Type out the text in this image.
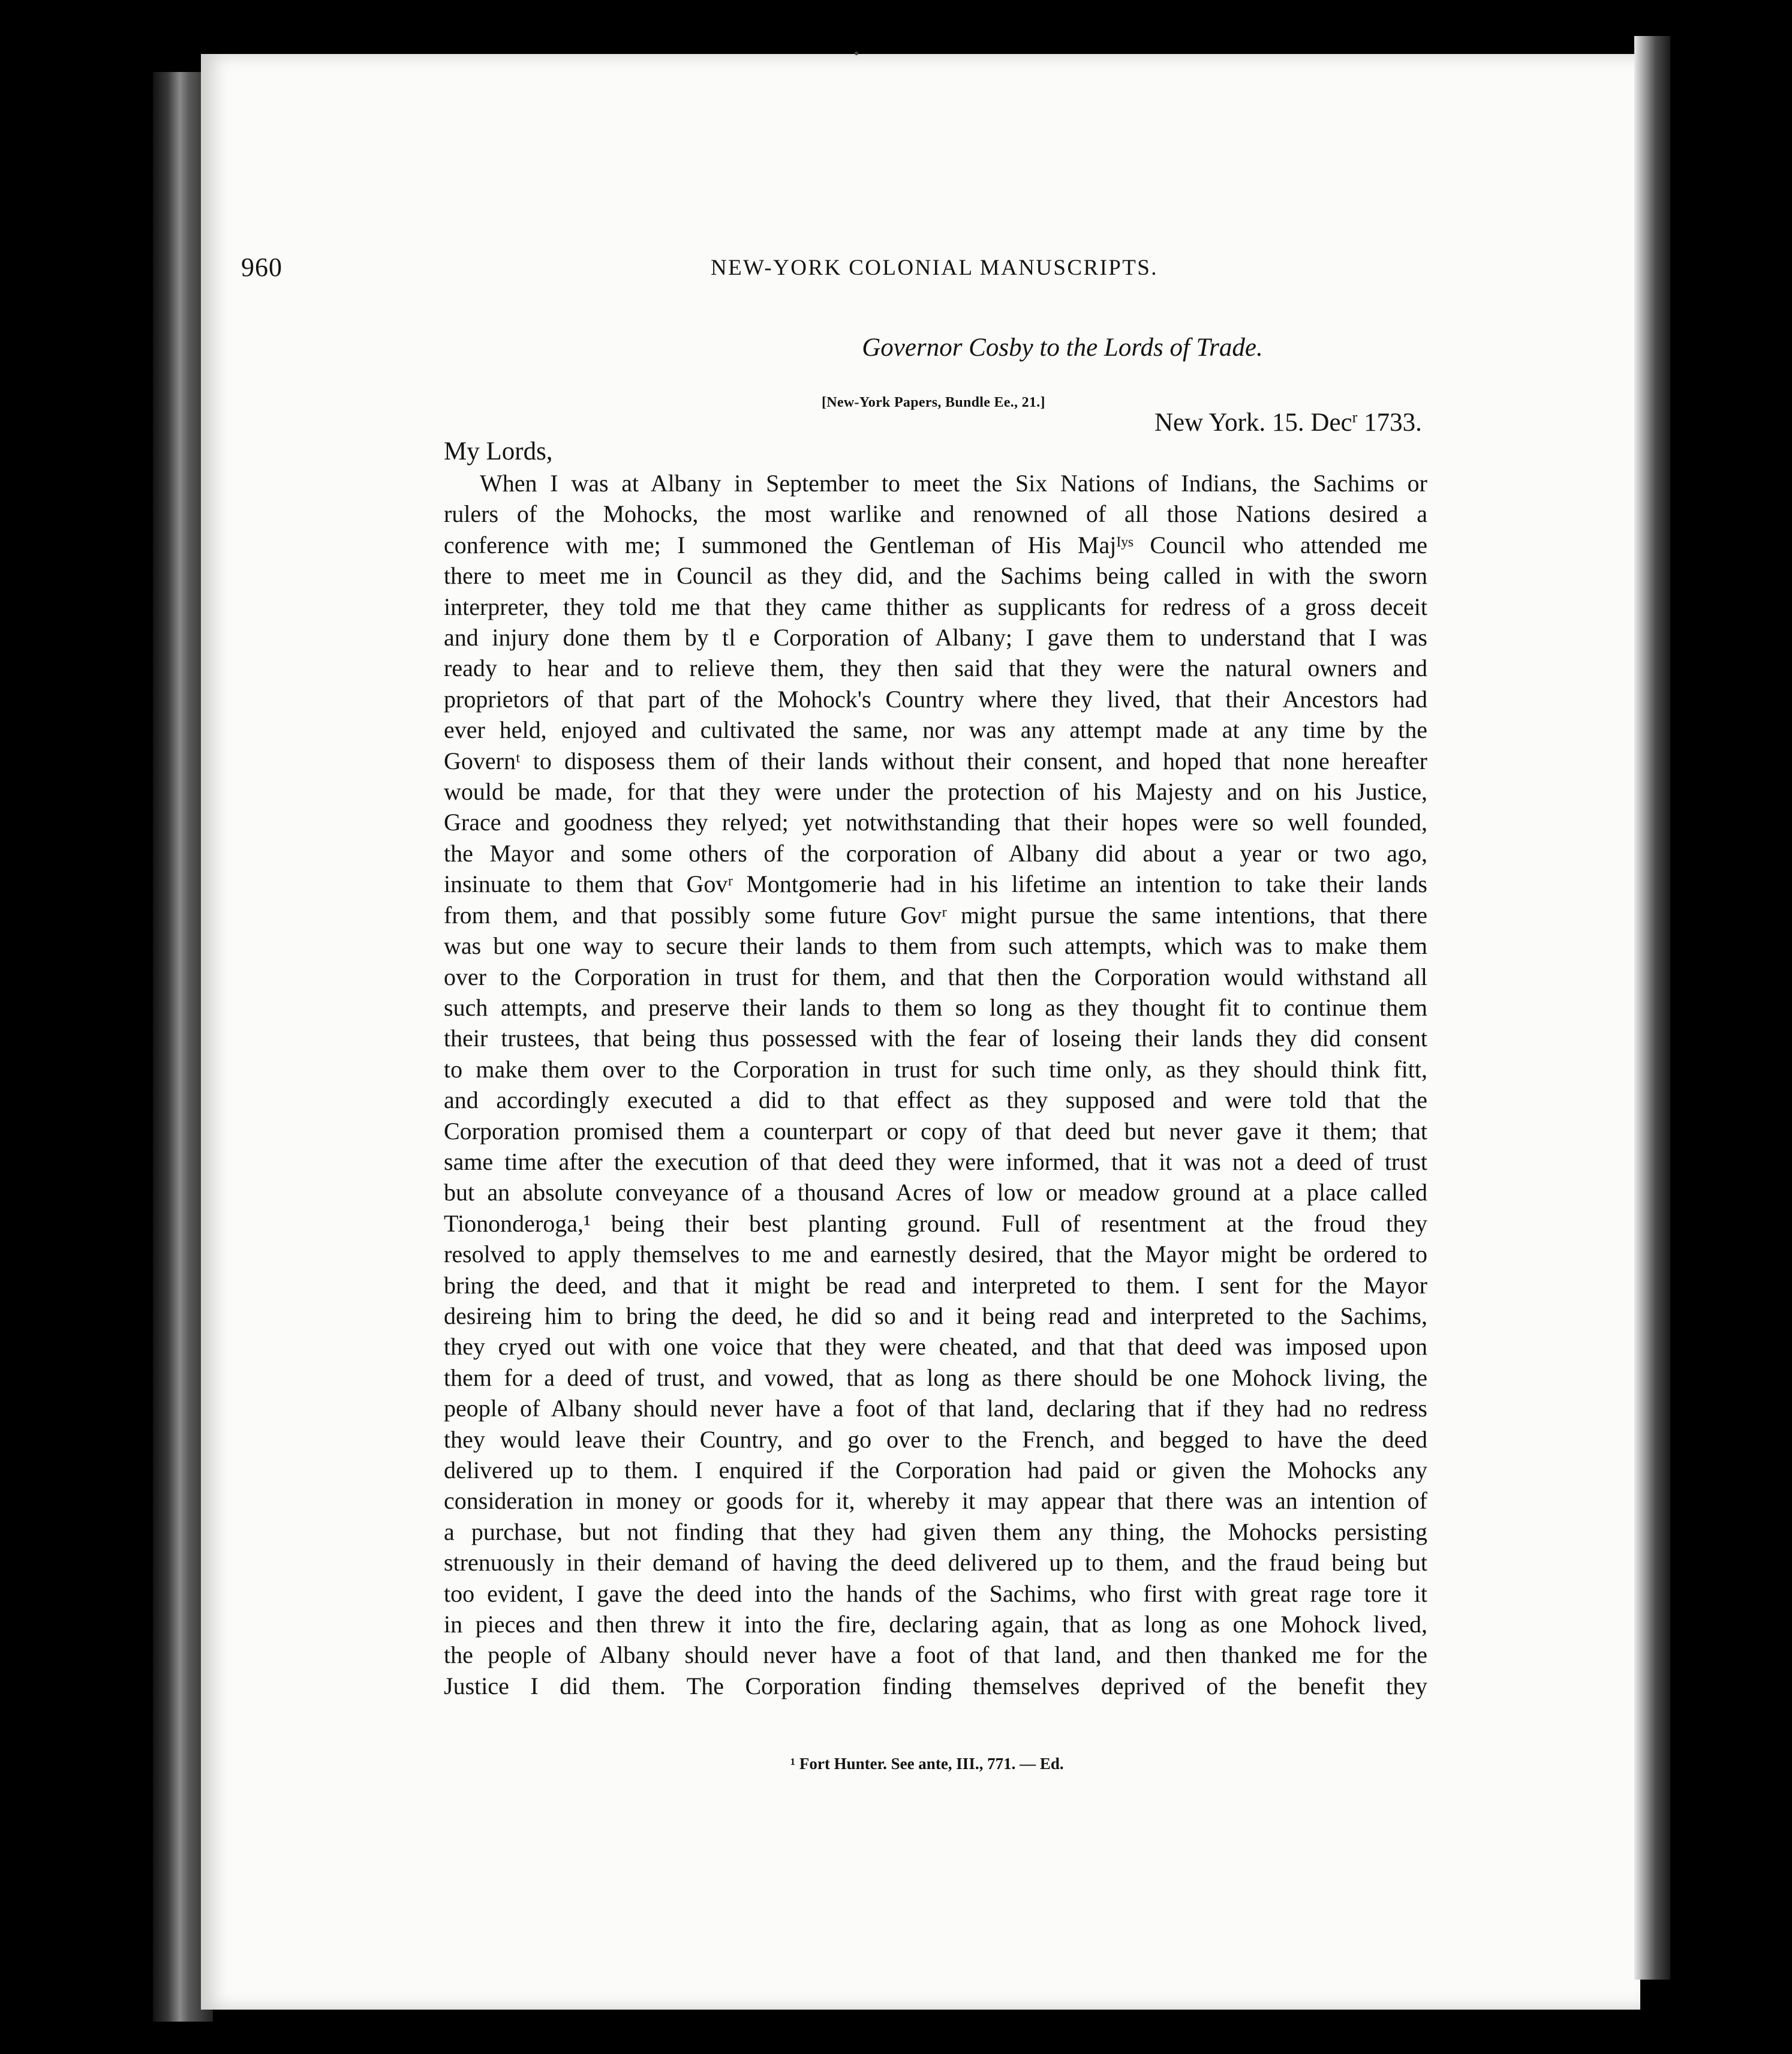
960	NEW-YORK COLONIAL MANUSCRIPTS.
Governor Cosby to the Lords of Trade.
[New-York Papers, Bundle Ee., 21.]
New York. 15. Dec$^r$ 1733.
My Lords,
When I was at Albany in September to meet the Six Nations of Indians, the Sachims or
rulers of the Mohocks, the most warlike and renowned of all those Nations desired a
conference with me; I summoned the Gentleman of His Majᴵʸˢ Council who attended me
there to meet me in Council as they did, and the Sachims being called in with the sworn
interpreter, they told me that they came thither as supplicants for redress of a gross deceit
and injury done them by tl e Corporation of Albany; I gave them to understand that I was
ready to hear and to relieve them, they then said that they were the natural owners and
proprietors of that part of the Mohock's Country where they lived, that their Ancestors had
ever held, enjoyed and cultivated the same, nor was any attempt made at any time by the
Governᵗ to disposess them of their lands without their consent, and hoped that none hereafter
would be made, for that they were under the protection of his Majesty and on his Justice,
Grace and goodness they relyed; yet notwithstanding that their hopes were so well founded,
the Mayor and some others of the corporation of Albany did about a year or two ago,
insinuate to them that Govʳ Montgomerie had in his lifetime an intention to take their lands
from them, and that possibly some future Govʳ might pursue the same intentions, that there
was but one way to secure their lands to them from such attempts, which was to make them
over to the Corporation in trust for them, and that then the Corporation would withstand all
such attempts, and preserve their lands to them so long as they thought fit to continue them
their trustees, that being thus possessed with the fear of loseing their lands they did consent
to make them over to the Corporation in trust for such time only, as they should think fitt,
and accordingly executed a did to that effect as they supposed and were told that the
Corporation promised them a counterpart or copy of that deed but never gave it them; that
same time after the execution of that deed they were informed, that it was not a deed of trust
but an absolute conveyance of a thousand Acres of low or meadow ground at a place called
Tiononderoga,¹ being their best planting ground. Full of resentment at the froud they
resolved to apply themselves to me and earnestly desired, that the Mayor might be ordered to
bring the deed, and that it might be read and interpreted to them. I sent for the Mayor
desireing him to bring the deed, he did so and it being read and interpreted to the Sachims,
they cryed out with one voice that they were cheated, and that that deed was imposed upon
them for a deed of trust, and vowed, that as long as there should be one Mohock living, the
people of Albany should never have a foot of that land, declaring that if they had no redress
they would leave their Country, and go over to the French, and begged to have the deed
delivered up to them. I enquired if the Corporation had paid or given the Mohocks any
consideration in money or goods for it, whereby it may appear that there was an intention of
a purchase, but not finding that they had given them any thing, the Mohocks persisting
strenuously in their demand of having the deed delivered up to them, and the fraud being but
too evident, I gave the deed into the hands of the Sachims, who first with great rage tore it
in pieces and then threw it into the fire, declaring again, that as long as one Mohock lived,
the people of Albany should never have a foot of that land, and then thanked me for the
Justice I did them. The Corporation finding themselves deprived of the benefit they
¹ Fort Hunter. See ante, III., 771. — Ed.
